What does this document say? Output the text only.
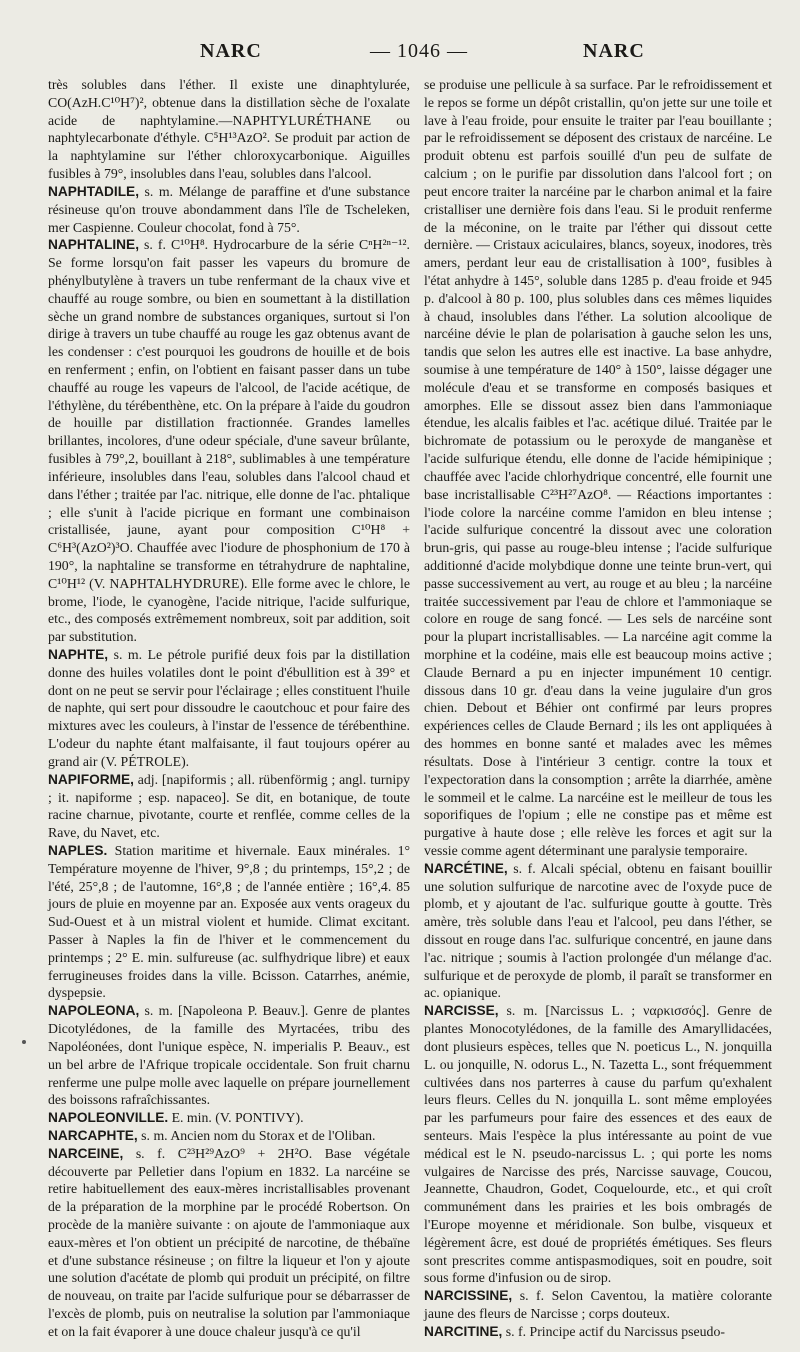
NARC	— 1046 —	NARC

très solubles dans l'éther. Il existe une dinaphtylurée, CO(AzH.C¹⁰H⁷)², obtenue dans la distillation sèche de l'oxalate acide de naphtylamine.—NAPHTYLURÉTHANE ou naphtylecarbonate d'éthyle. C⁵H¹³AzO². Se produit par action de la naphtylamine sur l'éther chloroxycarbonique. Aiguilles fusibles à 79°, insolubles dans l'eau, solubles dans l'alcool.

NAPHTADILE, s. m. Mélange de paraffine et d'une substance résineuse qu'on trouve abondamment dans l'île de Tscheleken, mer Caspienne. Couleur chocolat, fond à 75°.

NAPHTALINE, s. f. C¹⁰H⁸. Hydrocarbure de la série CⁿH²ⁿ⁻¹². Se forme lorsqu'on fait passer les vapeurs du bromure de phénylbutylène à travers un tube renfermant de la chaux vive et chauffé au rouge sombre, ou bien en soumettant à la distillation sèche un grand nombre de substances organiques, surtout si l'on dirige à travers un tube chauffé au rouge les gaz obtenus avant de les condenser : c'est pourquoi les goudrons de houille et de bois en renferment ; enfin, on l'obtient en faisant passer dans un tube chauffé au rouge les vapeurs de l'alcool, de l'acide acétique, de l'éthylène, du térébenthène, etc. On la prépare à l'aide du goudron de houille par distillation fractionnée. Grandes lamelles brillantes, incolores, d'une odeur spéciale, d'une saveur brûlante, fusibles à 79°,2, bouillant à 218°, sublimables à une température inférieure, insolubles dans l'eau, solubles dans l'alcool chaud et dans l'éther ; traitée par l'ac. nitrique, elle donne de l'ac. phtalique ; elle s'unit à l'acide picrique en formant une combinaison cristallisée, jaune, ayant pour composition C¹⁰H⁸ + C⁶H³(AzO²)³O. Chauffée avec l'iodure de phosphonium de 170 à 190°, la naphtaline se transforme en tétrahydrure de naphtaline, C¹⁰H¹² (V. NAPHTALHYDRURE). Elle forme avec le chlore, le brome, l'iode, le cyanogène, l'acide nitrique, l'acide sulfurique, etc., des composés extrêmement nombreux, soit par addition, soit par substitution.

NAPHTE, s. m. Le pétrole purifié deux fois par la distillation donne des huiles volatiles dont le point d'ébullition est à 39° et dont on ne peut se servir pour l'éclairage ; elles constituent l'huile de naphte, qui sert pour dissoudre le caoutchouc et pour faire des mixtures avec les couleurs, à l'instar de l'essence de térébenthine. L'odeur du naphte étant malfaisante, il faut toujours opérer au grand air (V. PÉTROLE).

NAPIFORME, adj. [napiformis ; all. rübenförmig ; angl. turnipy ; it. napiforme ; esp. napaceo]. Se dit, en botanique, de toute racine charnue, pivotante, courte et renflée, comme celles de la Rave, du Navet, etc.

NAPLES. Station maritime et hivernale. Eaux minérales. 1° Température moyenne de l'hiver, 9°,8 ; du printemps, 15°,2 ; de l'été, 25°,8 ; de l'automne, 16°,8 ; de l'année entière ; 16°,4. 85 jours de pluie en moyenne par an. Exposée aux vents orageux du Sud-Ouest et à un mistral violent et humide. Climat excitant. Passer à Naples la fin de l'hiver et le commencement du printemps ; 2° E. min. sulfureuse (ac. sulfhydrique libre) et eaux ferrugineuses froides dans la ville. Bcisson. Catarrhes, anémie, dyspepsie.

NAPOLEONA, s. m. [Napoleona P. Beauv.]. Genre de plantes Dicotylédones, de la famille des Myrtacées, tribu des Napoléonées, dont l'unique espèce, N. imperialis P. Beauv., est un bel arbre de l'Afrique tropicale occidentale. Son fruit charnu renferme une pulpe molle avec laquelle on prépare journellement des boissons rafraîchissantes.

NAPOLEONVILLE. E. min. (V. PONTIVY).

NARCAPHTE, s. m. Ancien nom du Storax et de l'Oliban.

NARCEINE, s. f. C²³H²⁹AzO⁹ + 2H²O. Base végétale découverte par Pelletier dans l'opium en 1832. La narcéine se retire habituellement des eaux-mères incristallisables provenant de la préparation de la morphine par le procédé Robertson. On procède de la manière suivante : on ajoute de l'ammoniaque aux eaux-mères et l'on obtient un précipité de narcotine, de thébaïne et d'une substance résineuse ; on filtre la liqueur et l'on y ajoute une solution d'acétate de plomb qui produit un précipité, on filtre de nouveau, on traite par l'acide sulfurique pour se débarrasser de l'excès de plomb, puis on neutralise la solution par l'ammoniaque et on la fait évaporer à une douce chaleur jusqu'à ce qu'il

se produise une pellicule à sa surface. Par le refroidissement et le repos se forme un dépôt cristallin, qu'on jette sur une toile et lave à l'eau froide, pour ensuite le traiter par l'eau bouillante ; par le refroidissement se déposent des cristaux de narcéine. Le produit obtenu est parfois souillé d'un peu de sulfate de calcium ; on le purifie par dissolution dans l'alcool fort ; on peut encore traiter la narcéine par le charbon animal et la faire cristalliser une dernière fois dans l'eau. Si le produit renferme de la méconine, on le traite par l'éther qui dissout cette dernière. — Cristaux aciculaires, blancs, soyeux, inodores, très amers, perdant leur eau de cristallisation à 100°, fusibles à l'état anhydre à 145°, soluble dans 1285 p. d'eau froide et 945 p. d'alcool à 80 p. 100, plus solubles dans ces mêmes liquides à chaud, insolubles dans l'éther. La solution alcoolique de narcéine dévie le plan de polarisation à gauche selon les uns, tandis que selon les autres elle est inactive. La base anhydre, soumise à une température de 140° à 150°, laisse dégager une molécule d'eau et se transforme en composés basiques et amorphes. Elle se dissout assez bien dans l'ammoniaque étendue, les alcalis faibles et l'ac. acétique dilué. Traitée par le bichromate de potassium ou le peroxyde de manganèse et l'acide sulfurique étendu, elle donne de l'acide hémipinique ; chauffée avec l'acide chlorhydrique concentré, elle fournit une base incristallisable C²³H²⁷AzO⁸. — Réactions importantes : l'iode colore la narcéine comme l'amidon en bleu intense ; l'acide sulfurique concentré la dissout avec une coloration brun-gris, qui passe au rouge-bleu intense ; l'acide sulfurique additionné d'acide molybdique donne une teinte brun-vert, qui passe successivement au vert, au rouge et au bleu ; la narcéine traitée successivement par l'eau de chlore et l'ammoniaque se colore en rouge de sang foncé. — Les sels de narcéine sont pour la plupart incristallisables. — La narcéine agit comme la morphine et la codéine, mais elle est beaucoup moins active ; Claude Bernard a pu en injecter impunément 10 centigr. dissous dans 10 gr. d'eau dans la veine jugulaire d'un gros chien. Debout et Béhier ont confirmé par leurs propres expériences celles de Claude Bernard ; ils les ont appliquées à des hommes en bonne santé et malades avec les mêmes résultats. Dose à l'intérieur 3 centigr. contre la toux et l'expectoration dans la consomption ; arrête la diarrhée, amène le sommeil et le calme. La narcéine est le meilleur de tous les soporifiques de l'opium ; elle ne constipe pas et même est purgative à haute dose ; elle relève les forces et agit sur la vessie comme agent déterminant une paralysie temporaire.

NARCÉTINE, s. f. Alcali spécial, obtenu en faisant bouillir une solution sulfurique de narcotine avec de l'oxyde puce de plomb, et y ajoutant de l'ac. sulfurique goutte à goutte. Très amère, très soluble dans l'eau et l'alcool, peu dans l'éther, se dissout en rouge dans l'ac. sulfurique concentré, en jaune dans l'ac. nitrique ; soumis à l'action prolongée d'un mélange d'ac. sulfurique et de peroxyde de plomb, il paraît se transformer en ac. opianique.

NARCISSE, s. m. [Narcissus L. ; ναρκισσός]. Genre de plantes Monocotylédones, de la famille des Amaryllidacées, dont plusieurs espèces, telles que N. poeticus L., N. jonquilla L. ou jonquille, N. odorus L., N. Tazetta L., sont fréquemment cultivées dans nos parterres à cause du parfum qu'exhalent leurs fleurs. Celles du N. jonquilla L. sont même employées par les parfumeurs pour faire des essences et des eaux de senteurs. Mais l'espèce la plus intéressante au point de vue médical est le N. pseudo-narcissus L. ; qui porte les noms vulgaires de Narcisse des prés, Narcisse sauvage, Coucou, Jeannette, Chaudron, Godet, Coquelourde, etc., et qui croît communément dans les prairies et les bois ombragés de l'Europe moyenne et méridionale. Son bulbe, visqueux et légèrement âcre, est doué de propriétés émétiques. Ses fleurs sont prescrites comme antispasmodiques, soit en poudre, soit sous forme d'infusion ou de sirop.

NARCISSINE, s. f. Selon Caventou, la matière colorante jaune des fleurs de Narcisse ; corps douteux.

NARCITINE, s. f. Principe actif du Narcissus pseudo-
